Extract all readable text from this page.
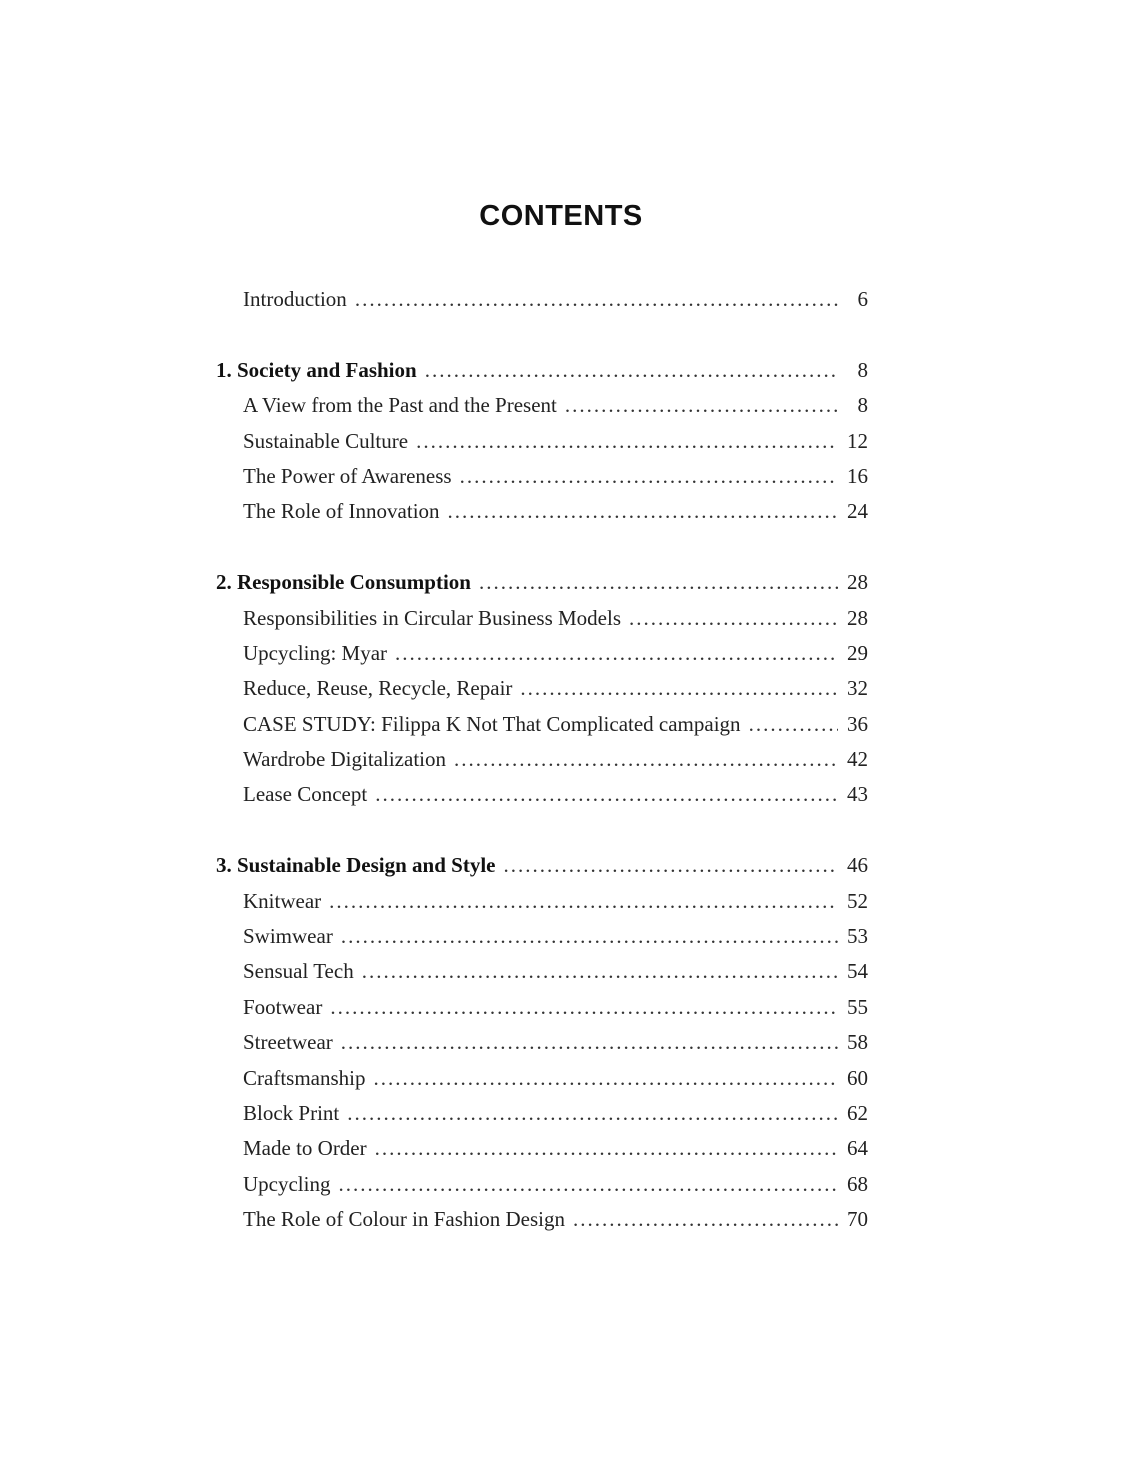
CONTENTS
Introduction .....	6
1. Society and Fashion .....	8
A View from the Past and the Present .....	8
Sustainable Culture .....	12
The Power of Awareness .....	16
The Role of Innovation .....	24
2. Responsible Consumption .....	28
Responsibilities in Circular Business Models .....	28
Upcycling: Myar .....	29
Reduce, Reuse, Recycle, Repair .....	32
CASE STUDY: Filippa K Not That Complicated campaign .....	36
Wardrobe Digitalization .....	42
Lease Concept .....	43
3. Sustainable Design and Style .....	46
Knitwear .....	52
Swimwear .....	53
Sensual Tech .....	54
Footwear .....	55
Streetwear .....	58
Craftsmanship .....	60
Block Print .....	62
Made to Order .....	64
Upcycling .....	68
The Role of Colour in Fashion Design .....	70
